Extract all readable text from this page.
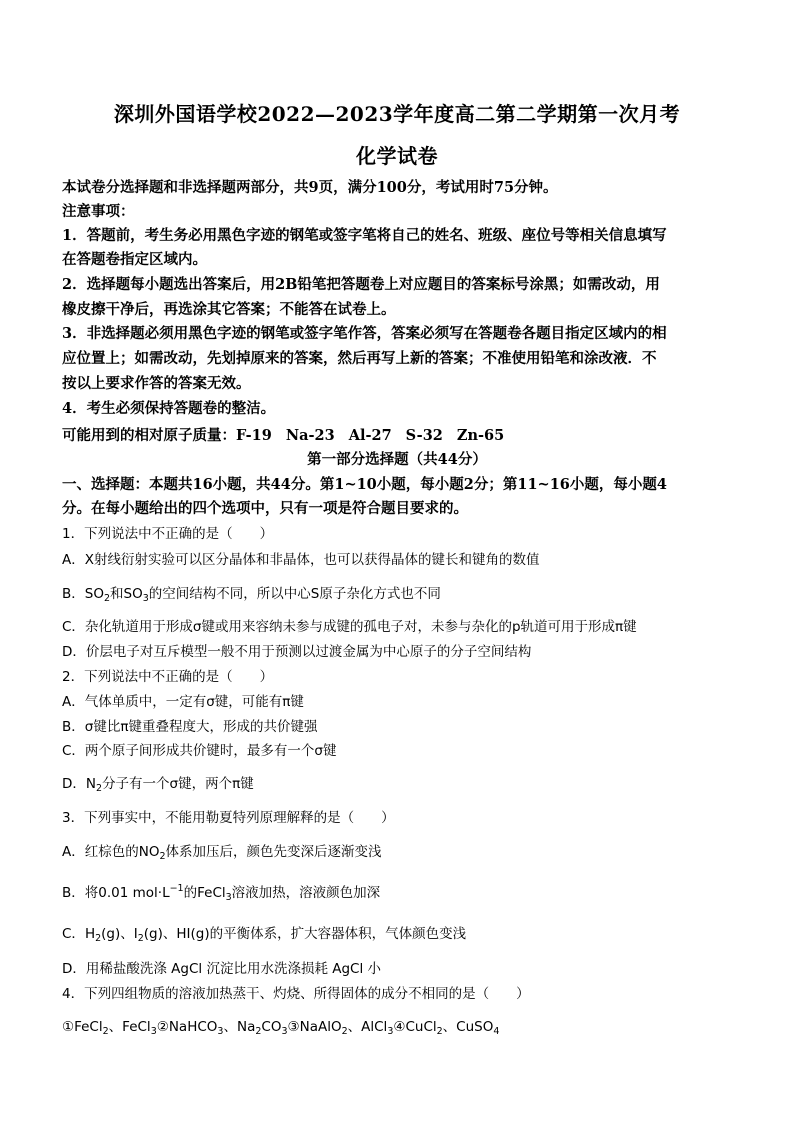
深圳外国语学校2022—2023学年度高二第二学期第一次月考
化学试卷
本试卷分选择题和非选择题两部分，共9页，满分100分，考试用时75分钟。
注意事项：
1．答题前，考生务必用黑色字迹的钢笔或签字笔将自己的姓名、班级、座位号等相关信息填写
在答题卷指定区域内。
2．选择题每小题选出答案后，用2B铅笔把答题卷上对应题目的答案标号涂黑；如需改动，用
橡皮擦干净后，再选涂其它答案；不能答在试卷上。
3．非选择题必须用黑色字迹的钢笔或签字笔作答，答案必须写在答题卷各题目指定区域内的相
应位置上；如需改动，先划掉原来的答案，然后再写上新的答案；不准使用铅笔和涂改液．不
按以上要求作答的答案无效。
4．考生必须保持答题卷的整洁。
可能用到的相对原子质量：F-19 Na-23 Al-27 S-32 Zn-65
第一部分选择题（共44分）
一、选择题：本题共16小题，共44分。第1~10小题，每小题2分；第11~16小题，每小题4
分。在每小题给出的四个选项中，只有一项是符合题目要求的。
1．下列说法中不正确的是（　　）
A．X射线衍射实验可以区分晶体和非晶体，也可以获得晶体的键长和键角的数值
B．$SO_2$和$SO_3$的空间结构不同，所以中心S原子杂化方式也不同
C．杂化轨道用于形成σ键或用来容纳未参与成键的孤电子对，未参与杂化的p轨道可用于形成π键
D．价层电子对互斥模型一般不用于预测以过渡金属为中心原子的分子空间结构
2．下列说法中不正确的是（　　）
A．气体单质中，一定有σ键，可能有π键
B．σ键比π键重叠程度大，形成的共价键强
C．两个原子间形成共价键时，最多有一个σ键
D．$N_2$分子有一个σ键，两个π键
3．下列事实中，不能用勒夏特列原理解释的是（　　）
A．红棕色的$NO_2$体系加压后，颜色先变深后逐渐变浅
B．将0.01 $mol\cdot L^{-1}$的FeCl$_3$溶液加热，溶液颜色加深
C．$H_2(g)$、$I_2(g)$、HI(g)的平衡体系，扩大容器体积，气体颜色变浅
D．用稀盐酸洗涤 AgCl 沉淀比用水洗涤损耗 AgCl 小
4．下列四组物质的溶液加热蒸干、灼烧、所得固体的成分不相同的是（　　）
①FeCl$_2$、FeCl$_3$②NaHCO$_3$、$Na_2CO_3③NaAlO_2$、AlCl$_3$④CuCl$_2$、CuSO$_4$
